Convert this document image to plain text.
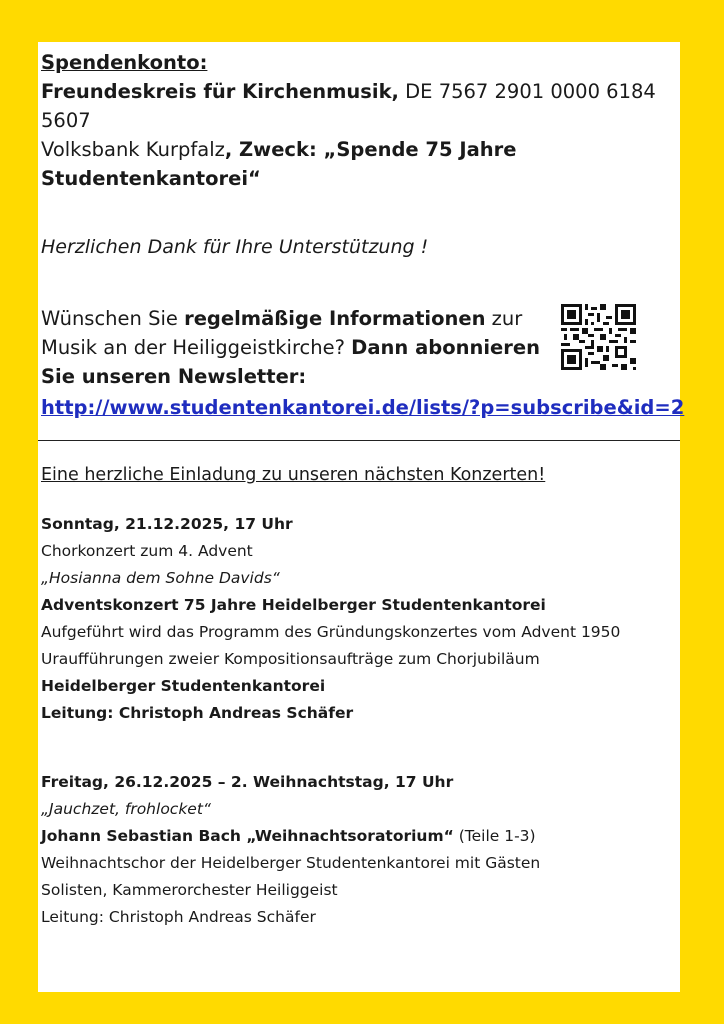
Spendenkonto:
Freundeskreis für Kirchenmusik, DE 7567 2901 0000 6184
5607
Volksbank Kurpfalz, Zweck: „Spende 75 Jahre
Studentenkantorei“
Herzlichen Dank für Ihre Unterstützung !
Wünschen Sie regelmäßige Informationen zur
Musik an der Heiliggeistkirche? Dann abonnieren
Sie unseren Newsletter:
http://www.studentenkantorei.de/lists/?p=subscribe&id=2
Eine herzliche Einladung zu unseren nächsten Konzerten!
Sonntag, 21.12.2025, 17 Uhr
Chorkonzert zum 4. Advent
„Hosianna dem Sohne Davids“
Adventskonzert 75 Jahre Heidelberger Studentenkantorei
Aufgeführt wird das Programm des Gründungskonzertes vom Advent 1950
Uraufführungen zweier Kompositionsaufträge zum Chorjubiläum
Heidelberger Studentenkantorei
Leitung: Christoph Andreas Schäfer
Freitag, 26.12.2025 – 2. Weihnachtstag, 17 Uhr
„Jauchzet, frohlocket“
Johann Sebastian Bach „Weihnachtsoratorium“ (Teile 1-3)
Weihnachtschor der Heidelberger Studentenkantorei mit Gästen
Solisten, Kammerorchester Heiliggeist
Leitung: Christoph Andreas Schäfer
